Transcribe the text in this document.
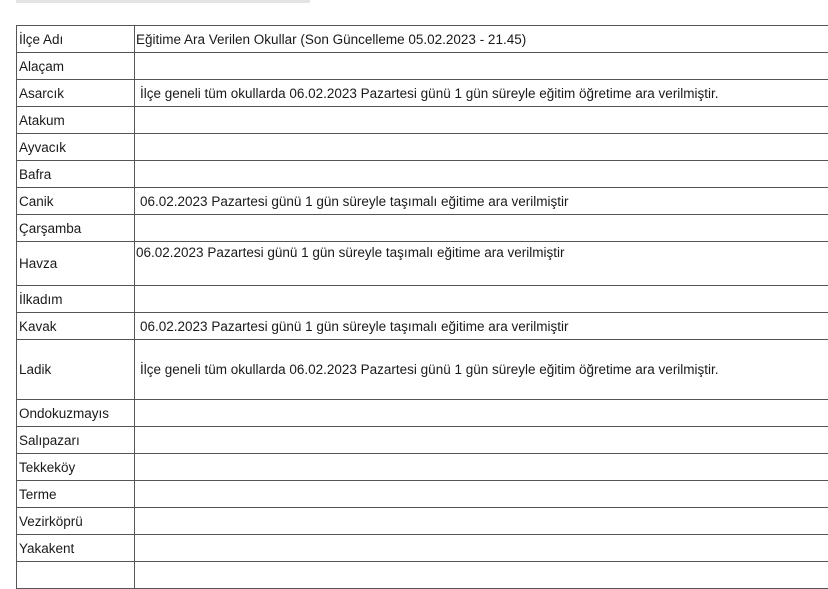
İlçe Adı	Eğitime Ara Verilen Okullar (Son Güncelleme 05.02.2023 - 21.45)
Alaçam	
Asarcık	İlçe geneli tüm okullarda 06.02.2023 Pazartesi günü 1 gün süreyle eğitim öğretime ara verilmiştir.
Atakum	
Ayvacık	
Bafra	
Canik	06.02.2023 Pazartesi günü 1 gün süreyle taşımalı eğitime ara verilmiştir
Çarşamba	
Havza	06.02.2023 Pazartesi günü 1 gün süreyle taşımalı eğitime ara verilmiştir
İlkadım	
Kavak	06.02.2023 Pazartesi günü 1 gün süreyle taşımalı eğitime ara verilmiştir
Ladik	İlçe geneli tüm okullarda 06.02.2023 Pazartesi günü 1 gün süreyle eğitim öğretime ara verilmiştir.
Ondokuzmayıs	
Salıpazarı	
Tekkeköy	
Terme	
Vezirköprü	
Yakakent	
